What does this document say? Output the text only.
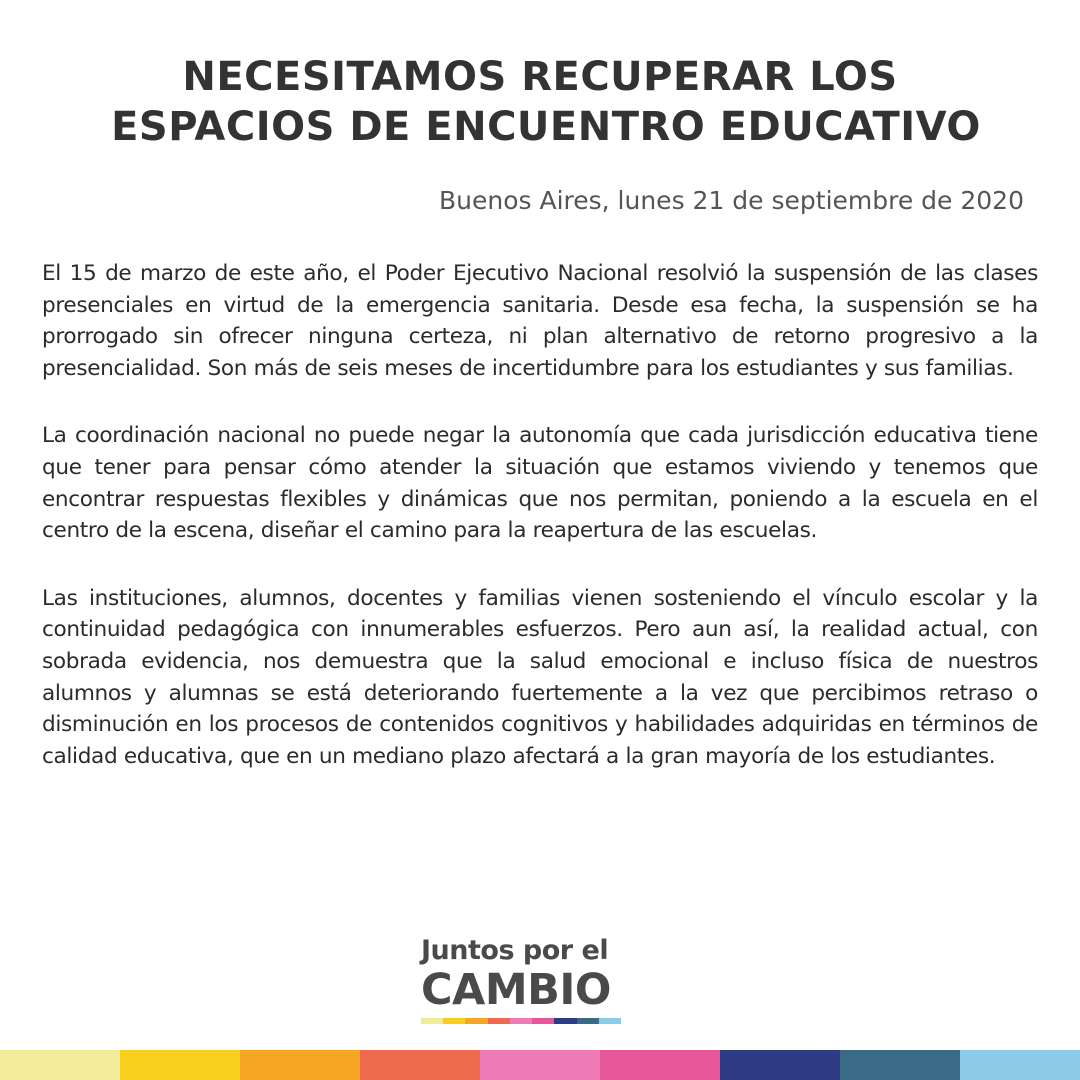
NECESITAMOS RECUPERAR LOS
ESPACIOS DE ENCUENTRO EDUCATIVO
Buenos Aires, lunes 21 de septiembre de 2020

El 15 de marzo de este año, el Poder Ejecutivo Nacional resolvió la suspensión de las clases presenciales en virtud de la emergencia sanitaria. Desde esa fecha, la suspensión se ha prorrogado sin ofrecer ninguna certeza, ni plan alternativo de retorno progresivo a la presencialidad. Son más de seis meses de incertidumbre para los estudiantes y sus familias.

La coordinación nacional no puede negar la autonomía que cada jurisdicción educativa tiene que tener para pensar cómo atender la situación que estamos viviendo y tenemos que encontrar respuestas flexibles y dinámicas que nos permitan, poniendo a la escuela en el centro de la escena, diseñar el camino para la reapertura de las escuelas.

Las instituciones, alumnos, docentes y familias vienen sosteniendo el vínculo escolar y la continuidad pedagógica con innumerables esfuerzos. Pero aun así, la realidad actual, con sobrada evidencia, nos demuestra que la salud emocional e incluso física de nuestros alumnos y alumnas se está deteriorando fuertemente a la vez que percibimos retraso o disminución en los procesos de contenidos cognitivos y habilidades adquiridas en términos de calidad educativa, que en un mediano plazo afectará a la gran mayoría de los estudiantes.

Juntos por el
CAMBIO
